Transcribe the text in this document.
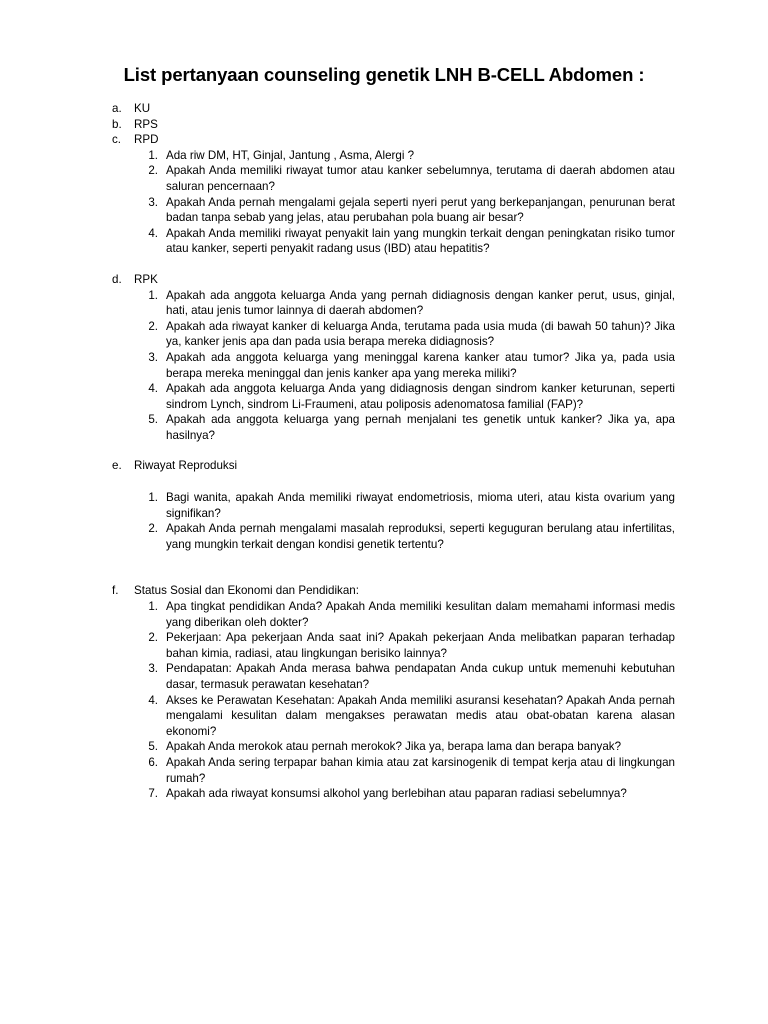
List pertanyaan counseling genetik LNH B-CELL Abdomen :
a.	KU
b.	RPS
c.	RPD
1. Ada riw DM, HT, Ginjal, Jantung , Asma, Alergi ?
2. Apakah Anda memiliki riwayat tumor atau kanker sebelumnya, terutama di daerah abdomen atau saluran pencernaan?
3. Apakah Anda pernah mengalami gejala seperti nyeri perut yang berkepanjangan, penurunan berat badan tanpa sebab yang jelas, atau perubahan pola buang air besar?
4. Apakah Anda memiliki riwayat penyakit lain yang mungkin terkait dengan peningkatan risiko tumor atau kanker, seperti penyakit radang usus (IBD) atau hepatitis?
d.	RPK
1. Apakah ada anggota keluarga Anda yang pernah didiagnosis dengan kanker perut, usus, ginjal, hati, atau jenis tumor lainnya di daerah abdomen?
2. Apakah ada riwayat kanker di keluarga Anda, terutama pada usia muda (di bawah 50 tahun)? Jika ya, kanker jenis apa dan pada usia berapa mereka didiagnosis?
3. Apakah ada anggota keluarga yang meninggal karena kanker atau tumor? Jika ya, pada usia berapa mereka meninggal dan jenis kanker apa yang mereka miliki?
4. Apakah ada anggota keluarga Anda yang didiagnosis dengan sindrom kanker keturunan, seperti sindrom Lynch, sindrom Li-Fraumeni, atau poliposis adenomatosa familial (FAP)?
5. Apakah ada anggota keluarga yang pernah menjalani tes genetik untuk kanker? Jika ya, apa hasilnya?
e.	Riwayat Reproduksi
1. Bagi wanita, apakah Anda memiliki riwayat endometriosis, mioma uteri, atau kista ovarium yang signifikan?
2. Apakah Anda pernah mengalami masalah reproduksi, seperti keguguran berulang atau infertilitas, yang mungkin terkait dengan kondisi genetik tertentu?
f.	Status Sosial dan Ekonomi dan Pendidikan:
1. Apa tingkat pendidikan Anda? Apakah Anda memiliki kesulitan dalam memahami informasi medis yang diberikan oleh dokter?
2. Pekerjaan: Apa pekerjaan Anda saat ini? Apakah pekerjaan Anda melibatkan paparan terhadap bahan kimia, radiasi, atau lingkungan berisiko lainnya?
3. Pendapatan: Apakah Anda merasa bahwa pendapatan Anda cukup untuk memenuhi kebutuhan dasar, termasuk perawatan kesehatan?
4. Akses ke Perawatan Kesehatan: Apakah Anda memiliki asuransi kesehatan? Apakah Anda pernah mengalami kesulitan dalam mengakses perawatan medis atau obat-obatan karena alasan ekonomi?
5. Apakah Anda merokok atau pernah merokok? Jika ya, berapa lama dan berapa banyak?
6. Apakah Anda sering terpapar bahan kimia atau zat karsinogenik di tempat kerja atau di lingkungan rumah?
7. Apakah ada riwayat konsumsi alkohol yang berlebihan atau paparan radiasi sebelumnya?
